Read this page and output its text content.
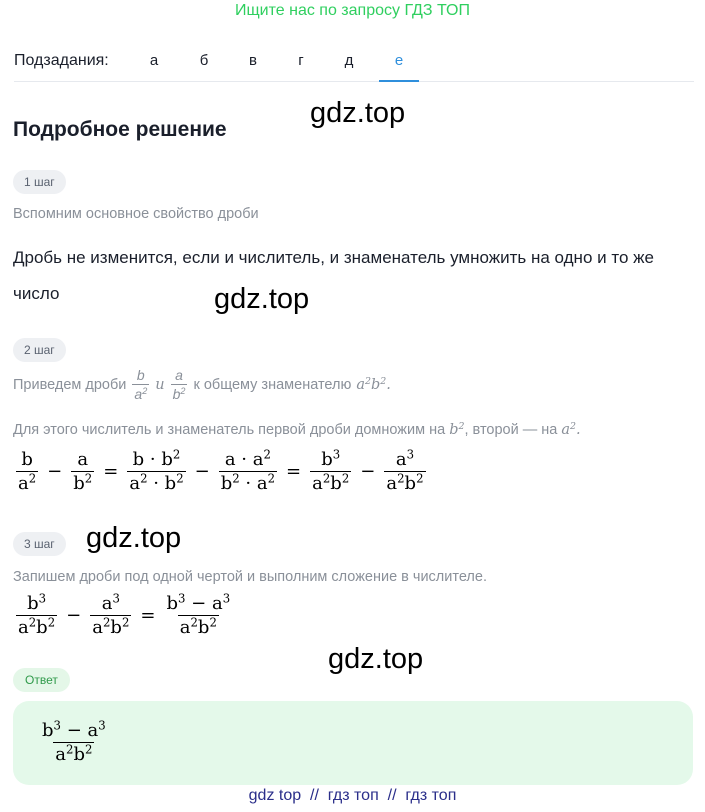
Ищите нас по запросу ГДЗ ТОП
Подзадания:	а	б	в	г	д	е
Подробное решение
gdz.top
gdz.top
gdz.top
gdz.top
1 шаг
Вспомним основное свойство дроби
Дробь не изменится, если и числитель, и знаменатель умножить на одно и то же число
2 шаг
Приведем дроби $\frac{b}{a^2}$ и $\frac{a}{b^2}$ к общему знаменателю $a^2b^2$.
Для этого числитель и знаменатель первой дроби домножим на $b^2$, второй — на $a^2$.
$\frac{b}{a^2} - \frac{a}{b^2} = \frac{b \cdot b^2}{a^2 \cdot b^2} - \frac{a \cdot a^2}{b^2 \cdot a^2} = \frac{b^3}{a^2b^2} - \frac{a^3}{a^2b^2}$
3 шаг
Запишем дроби под одной чертой и выполним сложение в числителе.
$\frac{b^3}{a^2b^2} - \frac{a^3}{a^2b^2} = \frac{b^3 - a^3}{a^2b^2}$
Ответ
$\frac{b^3 - a^3}{a^2b^2}$
gdz top  //  гдз топ  //  гдз топ
